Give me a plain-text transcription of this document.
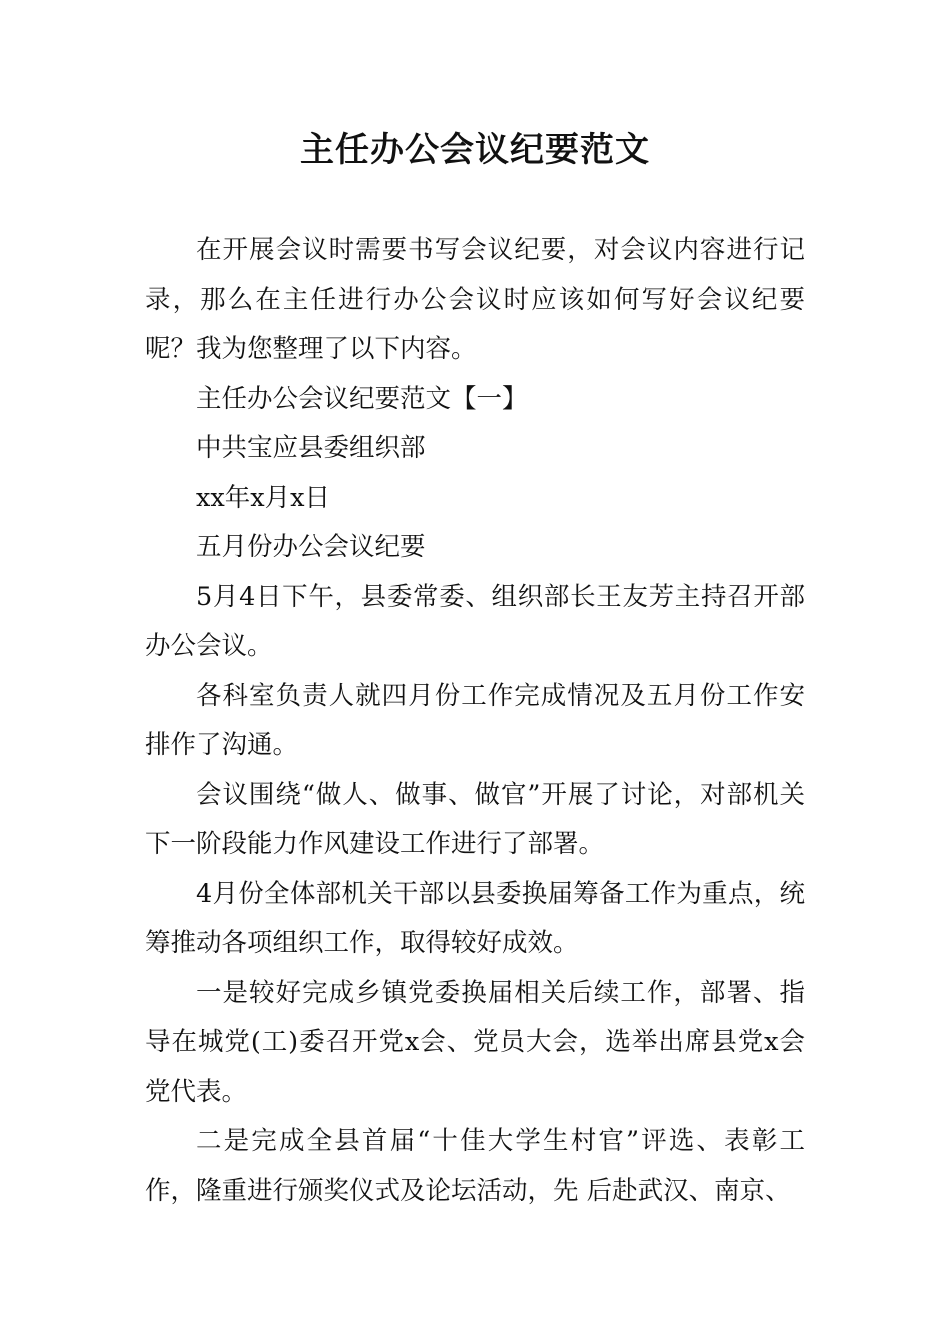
主任办公会议纪要范文

在开展会议时需要书写会议纪要，对会议内容进行记录，那么在主任进行办公会议时应该如何写好会议纪要呢？我为您整理了以下内容。

主任办公会议纪要范文【一】

中共宝应县委组织部

xx年x月x日

五月份办公会议纪要

5月4日下午，县委常委、组织部长王友芳主持召开部办公会议。

各科室负责人就四月份工作完成情况及五月份工作安排作了沟通。

会议围绕“做人、做事、做官”开展了讨论，对部机关下一阶段能力作风建设工作进行了部署。

4月份全体部机关干部以县委换届筹备工作为重点，统筹推动各项组织工作，取得较好成效。

一是较好完成乡镇党委换届相关后续工作，部署、指导在城党(工)委召开党x会、党员大会，选举出席县党x会党代表。

二是完成全县首届“十佳大学生村官”评选、表彰工作，隆重进行颁奖仪式及论坛活动，先 后赴武汉、南京、
